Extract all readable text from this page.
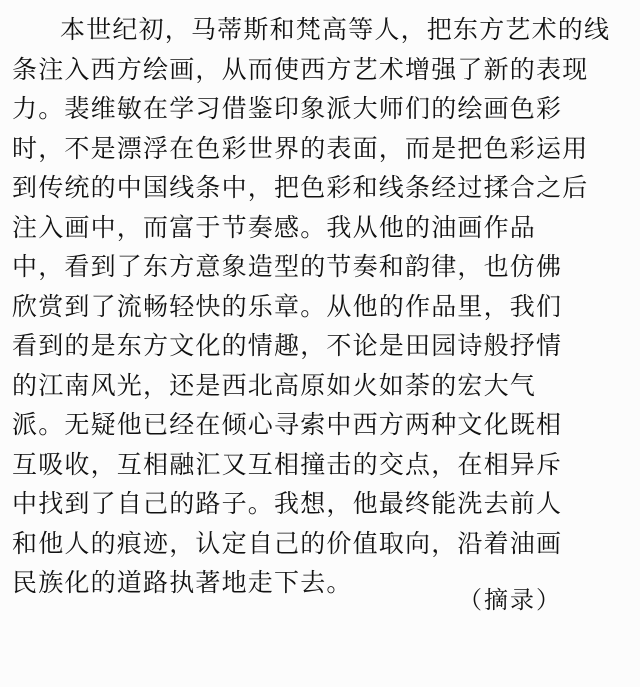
本世纪初，马蒂斯和梵高等人，把东方艺术的线
条注入西方绘画，从而使西方艺术增强了新的表现
力。裴维敏在学习借鉴印象派大师们的绘画色彩
时，不是漂浮在色彩世界的表面，而是把色彩运用
到传统的中国线条中，把色彩和线条经过揉合之后
注入画中，而富于节奏感。我从他的油画作品
中，看到了东方意象造型的节奏和韵律，也仿佛
欣赏到了流畅轻快的乐章。从他的作品里，我们
看到的是东方文化的情趣，不论是田园诗般抒情
的江南风光，还是西北高原如火如荼的宏大气
派。无疑他已经在倾心寻索中西方两种文化既相
互吸收，互相融汇又互相撞击的交点，在相异斥
中找到了自己的路子。我想，他最终能洗去前人
和他人的痕迹，认定自己的价值取向，沿着油画
民族化的道路执著地走下去。
（摘录）
